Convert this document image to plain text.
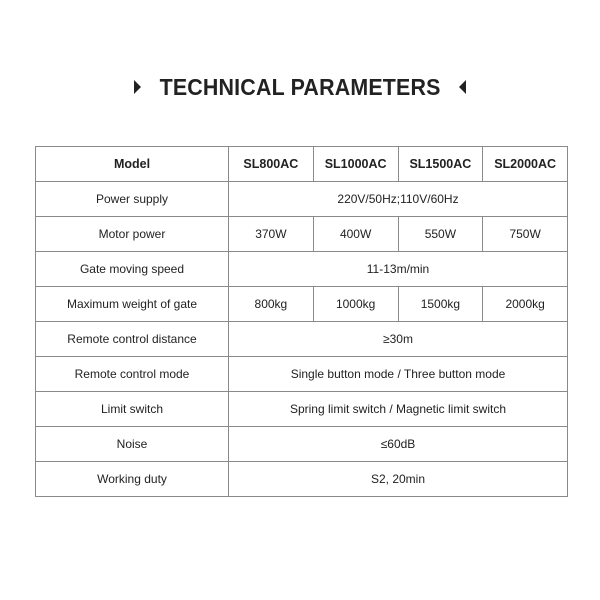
TECHNICAL PARAMETERS
Model	SL800AC	SL1000AC	SL1500AC	SL2000AC
Power supply	220V/50Hz;110V/60Hz			
Motor power	370W	400W	550W	750W
Gate moving speed	11-13m/min			
Maximum weight of gate	800kg	1000kg	1500kg	2000kg
Remote control distance	≥30m			
Remote control mode	Single button mode / Three button mode			
Limit switch	Spring limit switch / Magnetic limit switch			
Noise	≤60dB			
Working duty	S2, 20min			
